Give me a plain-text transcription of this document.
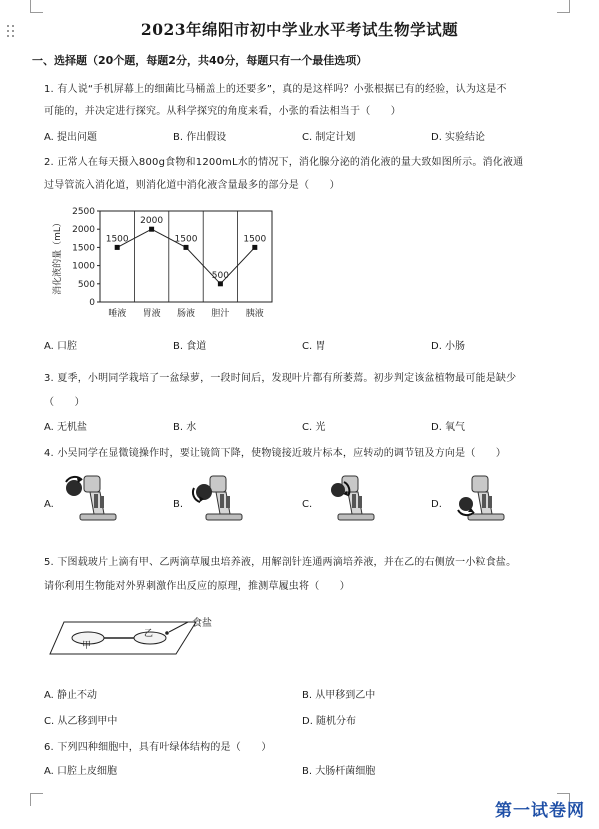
2023年绵阳市初中学业水平考试生物学试题
一、选择题（20个题，每题2分，共40分，每题只有一个最佳选项）
1. 有人说“手机屏幕上的细菌比马桶盖上的还要多”，真的是这样吗？小张根据已有的经验，认为这是不
可能的，并决定进行探究。从科学探究的角度来看，小张的看法相当于（　　）
A. 提出问题	B. 作出假设	C. 制定计划	D. 实验结论
2. 正常人在每天摄入800g食物和1200mL水的情况下，消化腺分泌的消化液的量大致如图所示。消化液通
过导管流入消化道，则消化道中消化液含量最多的部分是（　　）
0
500
1000
1500
2000
2500
消化液的量（mL）	1500
唾液
2000
胃液
1500
肠液
500
胆汁
1500
胰液
A. 口腔	B. 食道	C. 胃	D. 小肠
3. 夏季，小明同学栽培了一盆绿萝，一段时间后，发现叶片都有所萎蔫。初步判定该盆植物最可能是缺少
（　　）
A. 无机盐	B. 水	C. 光	D. 氧气
4. 小吴同学在显微镜操作时，要让镜筒下降，使物镜接近玻片标本，应转动的调节钮及方向是（　　）
A.	B.	C.	D.
5. 下图载玻片上滴有甲、乙两滴草履虫培养液，用解剖针连通两滴培养液，并在乙的右侧放一小粒食盐。
请你利用生物能对外界刺激作出反应的原理，推测草履虫将（　　）
甲
乙
食盐
A. 静止不动	B. 从甲移到乙中
C. 从乙移到甲中	D. 随机分布
6. 下列四种细胞中，具有叶绿体结构的是（　　）
A. 口腔上皮细胞	B. 大肠杆菌细胞
第一试卷网
